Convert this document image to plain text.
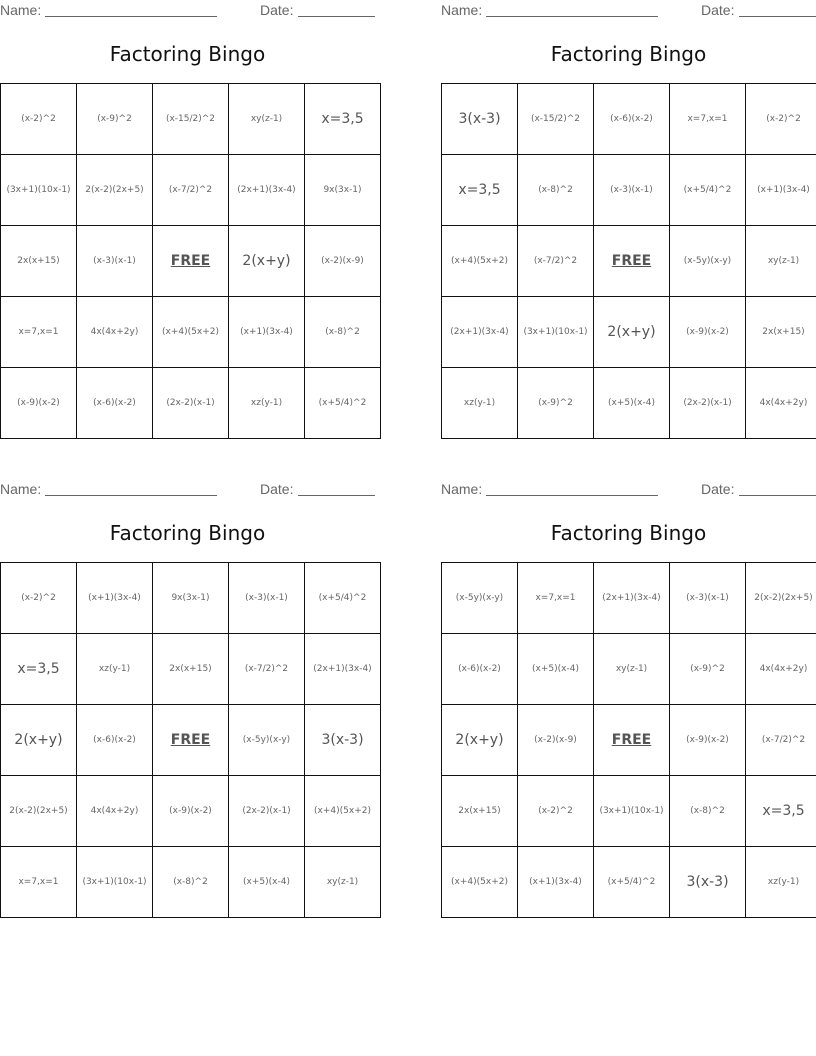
Name:	Date:
Factoring Bingo
(x-2)^2	(x-9)^2	(x-15/2)^2	xy(z-1)	x=3,5
(3x+1)(10x-1)	2(x-2)(2x+5)	(x-7/2)^2	(2x+1)(3x-4)	9x(3x-1)
2x(x+15)	(x-3)(x-1)	FREE	2(x+y)	(x-2)(x-9)
x=7,x=1	4x(4x+2y)	(x+4)(5x+2)	(x+1)(3x-4)	(x-8)^2
(x-9)(x-2)	(x-6)(x-2)	(2x-2)(x-1)	xz(y-1)	(x+5/4)^2
Name:	Date:
Factoring Bingo
3(x-3)	(x-15/2)^2	(x-6)(x-2)	x=7,x=1	(x-2)^2
x=3,5	(x-8)^2	(x-3)(x-1)	(x+5/4)^2	(x+1)(3x-4)
(x+4)(5x+2)	(x-7/2)^2	FREE	(x-5y)(x-y)	xy(z-1)
(2x+1)(3x-4)	(3x+1)(10x-1)	2(x+y)	(x-9)(x-2)	2x(x+15)
xz(y-1)	(x-9)^2	(x+5)(x-4)	(2x-2)(x-1)	4x(4x+2y)
Name:	Date:
Factoring Bingo
(x-2)^2	(x+1)(3x-4)	9x(3x-1)	(x-3)(x-1)	(x+5/4)^2
x=3,5	xz(y-1)	2x(x+15)	(x-7/2)^2	(2x+1)(3x-4)
2(x+y)	(x-6)(x-2)	FREE	(x-5y)(x-y)	3(x-3)
2(x-2)(2x+5)	4x(4x+2y)	(x-9)(x-2)	(2x-2)(x-1)	(x+4)(5x+2)
x=7,x=1	(3x+1)(10x-1)	(x-8)^2	(x+5)(x-4)	xy(z-1)
Name:	Date:
Factoring Bingo
(x-5y)(x-y)	x=7,x=1	(2x+1)(3x-4)	(x-3)(x-1)	2(x-2)(2x+5)
(x-6)(x-2)	(x+5)(x-4)	xy(z-1)	(x-9)^2	4x(4x+2y)
2(x+y)	(x-2)(x-9)	FREE	(x-9)(x-2)	(x-7/2)^2
2x(x+15)	(x-2)^2	(3x+1)(10x-1)	(x-8)^2	x=3,5
(x+4)(5x+2)	(x+1)(3x-4)	(x+5/4)^2	3(x-3)	xz(y-1)
